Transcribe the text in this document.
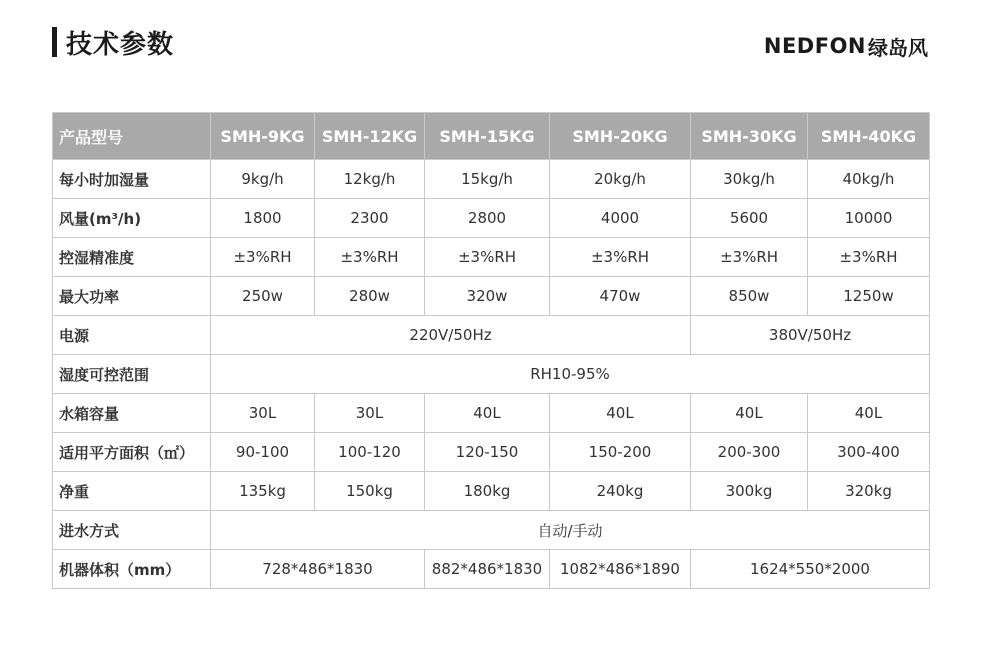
技术参数	NEDFON 绿岛风
产品型号	SMH-9KG	SMH-12KG	SMH-15KG	SMH-20KG	SMH-30KG	SMH-40KG
每小时加湿量	9kg/h	12kg/h	15kg/h	20kg/h	30kg/h	40kg/h
风量(m³/h)	1800	2300	2800	4000	5600	10000
控湿精准度	±3%RH	±3%RH	±3%RH	±3%RH	±3%RH	±3%RH
最大功率	250w	280w	320w	470w	850w	1250w
电源	220V/50Hz				380V/50Hz	
湿度可控范围	RH10-95%					
水箱容量	30L	30L	40L	40L	40L	40L
适用平方面积（㎡）	90-100	100-120	120-150	150-200	200-300	300-400
净重	135kg	150kg	180kg	240kg	300kg	320kg
进水方式	自动/手动					
机器体积（mm）	728*486*1830		882*486*1830	1082*486*1890	1624*550*2000	
